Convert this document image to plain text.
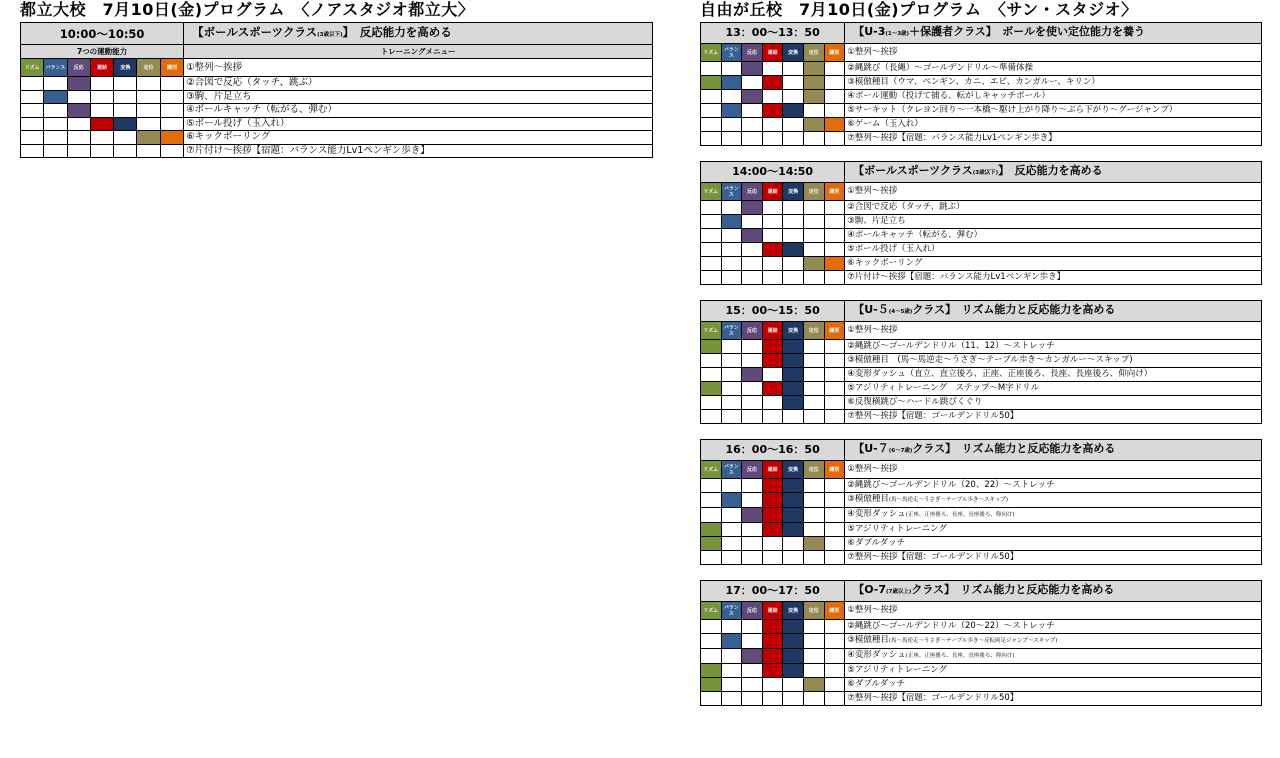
都立大校　7月10日(金)プログラム　〈ノアスタジオ都立大〉
10:00〜10:50							【ボールスポーツクラス(3歳以下)】　反応能力を高める
7つの運動能力							トレーニングメニュー
リズム	バランス	反応	連結	変換	定位	識別	①整列〜挨拶
							②合図で反応（タッチ、跳ぶ）
							③駒、片足立ち
							④ボールキャッチ（転がる、弾む）
							⑤ボール投げ（玉入れ）
							⑥キックボーリング
							⑦片付け〜挨拶【宿題：バランス能力Lv1ペンギン歩き】
自由が丘校　7月10日(金)プログラム　〈サン・スタジオ〉
13：00〜13：50							【U-3(1〜3歳)＋保護者クラス】　ボールを使い定位能力を養う
リズム	バランス	反応	連結	変換	定位	識別	①整列〜挨拶
							②縄跳び（長縄）〜ゴールデンドリル〜準備体操
							③模倣種目（ウマ、ペンギン、カニ、エビ、カンガルー、キリン）
							④ボール運動（投げて捕る、転がしキャッチボール）
							⑤サーキット（クレヨン回り〜一本橋〜駆け上がり降り〜ぶら下がり〜グージャンプ）
							⑥ゲーム（玉入れ）
							⑦整列〜挨拶【宿題：バランス能力Lv1ペンギン歩き】
14:00〜14:50							【ボールスポーツクラス(3歳以下)】　反応能力を高める
リズム	バランス	反応	連結	変換	定位	識別	①整列〜挨拶
							②合図で反応（タッチ、跳ぶ）
							③駒、片足立ち
							④ボールキャッチ（転がる、弾む）
							⑤ボール投げ（玉入れ）
							⑥キックボーリング
							⑦片付け〜挨拶【宿題：バランス能力Lv1ペンギン歩き】
15：00〜15：50							【U-５(4〜5歳)クラス】　リズム能力と反応能力を高める
リズム	バランス	反応	連結	変換	定位	識別	①整列〜挨拶
							②縄跳び〜ゴールデンドリル（11、12）〜ストレッチ
							③模倣種目　(馬〜馬逆走〜うさぎ〜テーブル歩き〜カンガルー〜スキップ)
							④変形ダッシュ（直立、直立後ろ、正座、正座後ろ、長座、長座後ろ、仰向け）
							⑤アジリティトレーニング　ステップ〜M字ドリル
							⑥反復横跳び〜ハードル跳びくぐり
							⑦整列〜挨拶【宿題：ゴールデンドリル50】
16：00〜16：50							【U-７(6〜7歳)クラス】　リズム能力と反応能力を高める
リズム	バランス	反応	連結	変換	定位	識別	①整列〜挨拶
							②縄跳び〜ゴールデンドリル（20、22）〜ストレッチ
							③模倣種目(馬〜馬逆走〜うさぎ〜テーブル歩き〜スキップ)
							④変形ダッシュ(正座、正座後ろ、長座、長座後ろ、仰向け)
							⑤アジリティトレーニング
							⑥ダブルダッチ
							⑦整列〜挨拶【宿題：ゴールデンドリル50】
17：00〜17：50							【O-7(7歳以上)クラス】　リズム能力と反応能力を高める
リズム	バランス	反応	連結	変換	定位	識別	①整列〜挨拶
							②縄跳び〜ゴールデンドリル（20〜22）〜ストレッチ
							③模倣種目(馬〜馬逆走〜うさぎ〜テーブル歩き〜反転両足ジャンプ〜スキップ)
							④変形ダッシュ(正座、正座後ろ、長座、長座後ろ、仰向け)
							⑤アジリティトレーニング
							⑥ダブルダッチ
							⑦整列〜挨拶【宿題：ゴールデンドリル50】
